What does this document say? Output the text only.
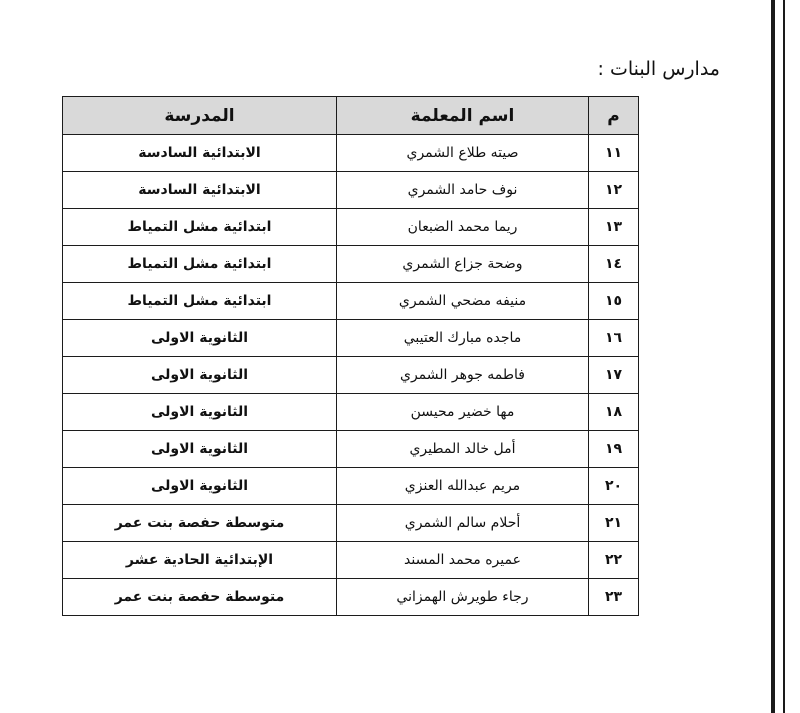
مدارس البنات :
م	اسم المعلمة	المدرسة
١١	صيته طلاع الشمري	الابتدائية السادسة
١٢	نوف حامد الشمري	الابتدائية السادسة
١٣	ريما محمد الضبعان	ابتدائية مشل التمياط
١٤	وضحة جزاع الشمري	ابتدائية مشل التمياط
١٥	منيفه مضحي الشمري	ابتدائية مشل التمياط
١٦	ماجده مبارك العتيبي	الثانوية الاولى
١٧	فاطمه جوهر الشمري	الثانوية الاولى
١٨	مها خضير محيسن	الثانوية الاولى
١٩	أمل خالد المطيري	الثانوية الاولى
٢٠	مريم عبدالله العنزي	الثانوية الاولى
٢١	أحلام سالم الشمري	متوسطة حفصة بنت عمر
٢٢	عميره محمد المسند	الإبتدائية الحادية عشر
٢٣	رجاء طويرش الهمزاني	متوسطة حفصة بنت عمر
